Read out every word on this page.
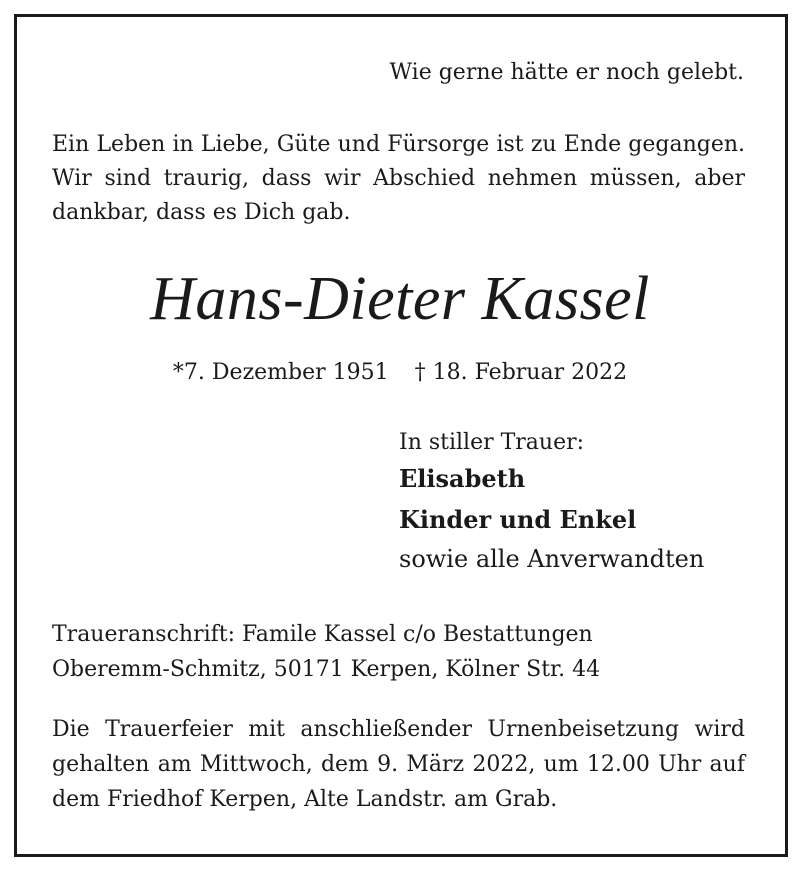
Wie gerne hätte er noch gelebt.
Ein Leben in Liebe, Güte und Fürsorge ist zu Ende gegangen.
Wir sind traurig, dass wir Abschied nehmen müssen, aber
dankbar, dass es Dich gab.
Hans-Dieter Kassel
*7. Dezember 1951 † 18. Februar 2022
In stiller Trauer:
Elisabeth
Kinder und Enkel
sowie alle Anverwandten
Traueranschrift: Famile Kassel c/o Bestattungen
Oberemm-Schmitz, 50171 Kerpen, Kölner Str. 44
Die Trauerfeier mit anschließender Urnenbeisetzung wird
gehalten am Mittwoch, dem 9. März 2022, um 12.00 Uhr auf
dem Friedhof Kerpen, Alte Landstr. am Grab.
